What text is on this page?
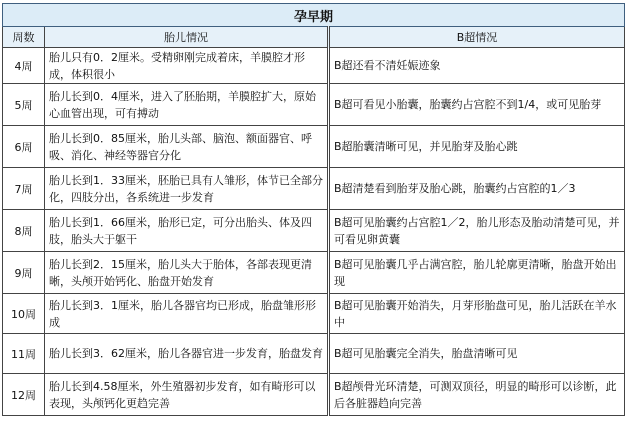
孕早期		
周数	胎儿情况	B超情况
4周	胎儿只有0．2厘米。受精卵刚完成着床，羊膜腔才形成，体积很小	B超还看不清妊娠迹象
5周	胎儿长到0．4厘米，进入了胚胎期，羊膜腔扩大，原始心血管出现，可有搏动	B超可看见小胎囊，胎囊约占宫腔不到1/4，或可见胎芽
6周	胎儿长到0．85厘米，胎儿头部、脑泡、额面器官、呼吸、消化、神经等器官分化	B超胎囊清晰可见，并见胎芽及胎心跳
7周	胎儿长到1．33厘米，胚胎已具有人雏形，体节已全部分化，四肢分出，各系统进一步发育	B超清楚看到胎芽及胎心跳，胎囊约占宫腔的1／3
8周	胎儿长到1．66厘米，胎形已定，可分出胎头、体及四肢，胎头大于躯干	B超可见胎囊约占宫腔1／2，胎儿形态及胎动清楚可见，并可看见卵黄囊
9周	胎儿长到2．15厘米，胎儿头大于胎体，各部表现更清晰，头颅开始钙化、胎盘开始发育	B超可见胎囊几乎占满宫腔，胎儿轮廓更清晰，胎盘开始出现
10周	胎儿长到3．1厘米，胎儿各器官均已形成，胎盘雏形形成	B超可见胎囊开始消失，月芽形胎盘可见，胎儿活跃在羊水中
11周	胎儿长到3．62厘米，胎儿各器官进一步发育，胎盘发育	B超可见胎囊完全消失，胎盘清晰可见
12周	胎儿长到4.58厘米，外生殖器初步发育，如有畸形可以表现，头颅钙化更趋完善	B超颅骨光环清楚，可测双顶径，明显的畸形可以诊断，此后各脏器趋向完善
